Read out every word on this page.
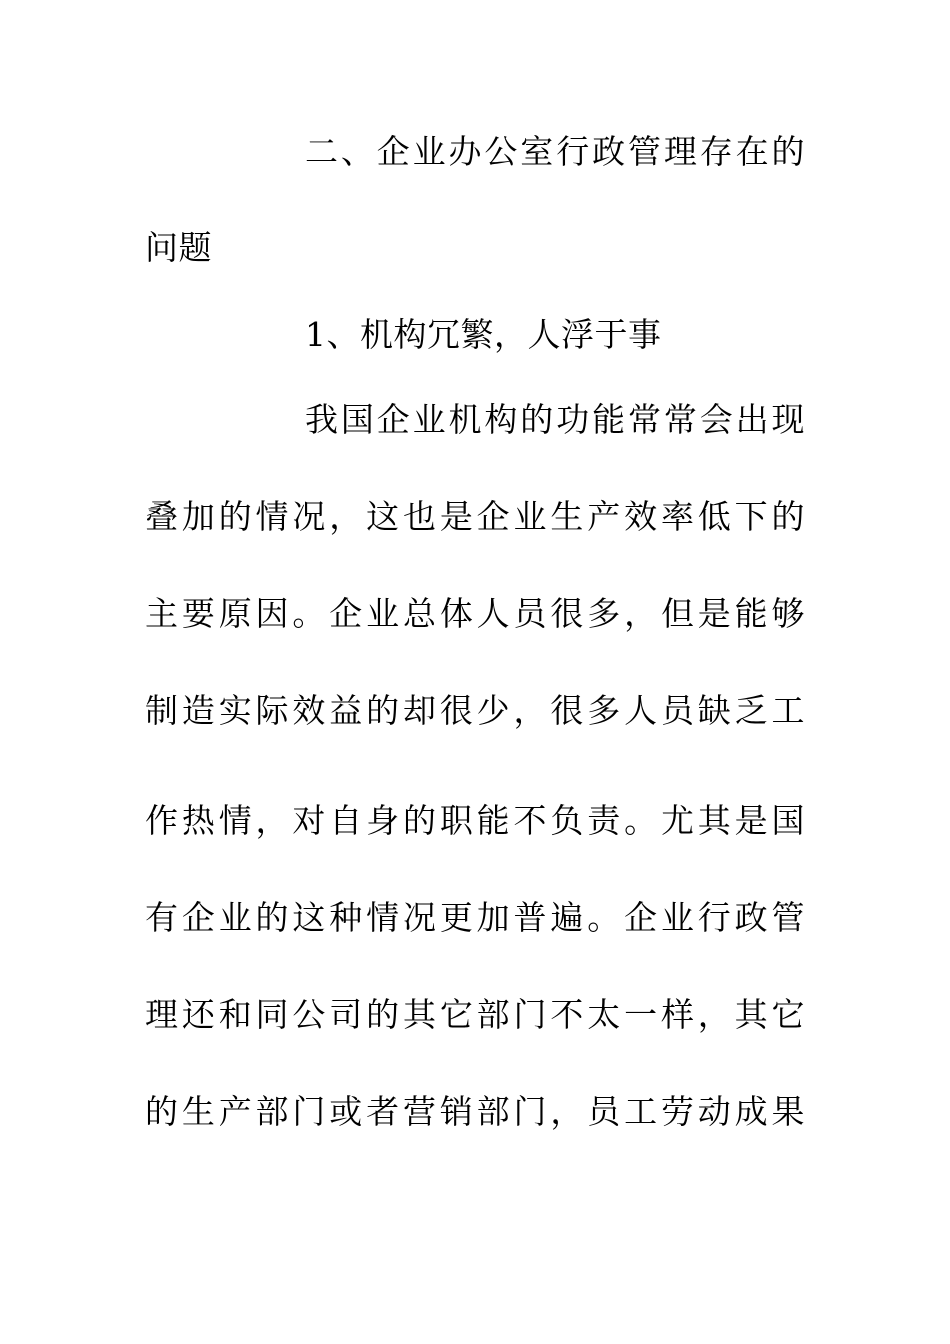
二、企业办公室行政管理存在的
问题
1、机构冗繁，人浮于事
我国企业机构的功能常常会出现
叠加的情况，这也是企业生产效率低下的
主要原因。企业总体人员很多，但是能够
制造实际效益的却很少，很多人员缺乏工
作热情，对自身的职能不负责。尤其是国
有企业的这种情况更加普遍。企业行政管
理还和同公司的其它部门不太一样，其它
的生产部门或者营销部门，员工劳动成果
